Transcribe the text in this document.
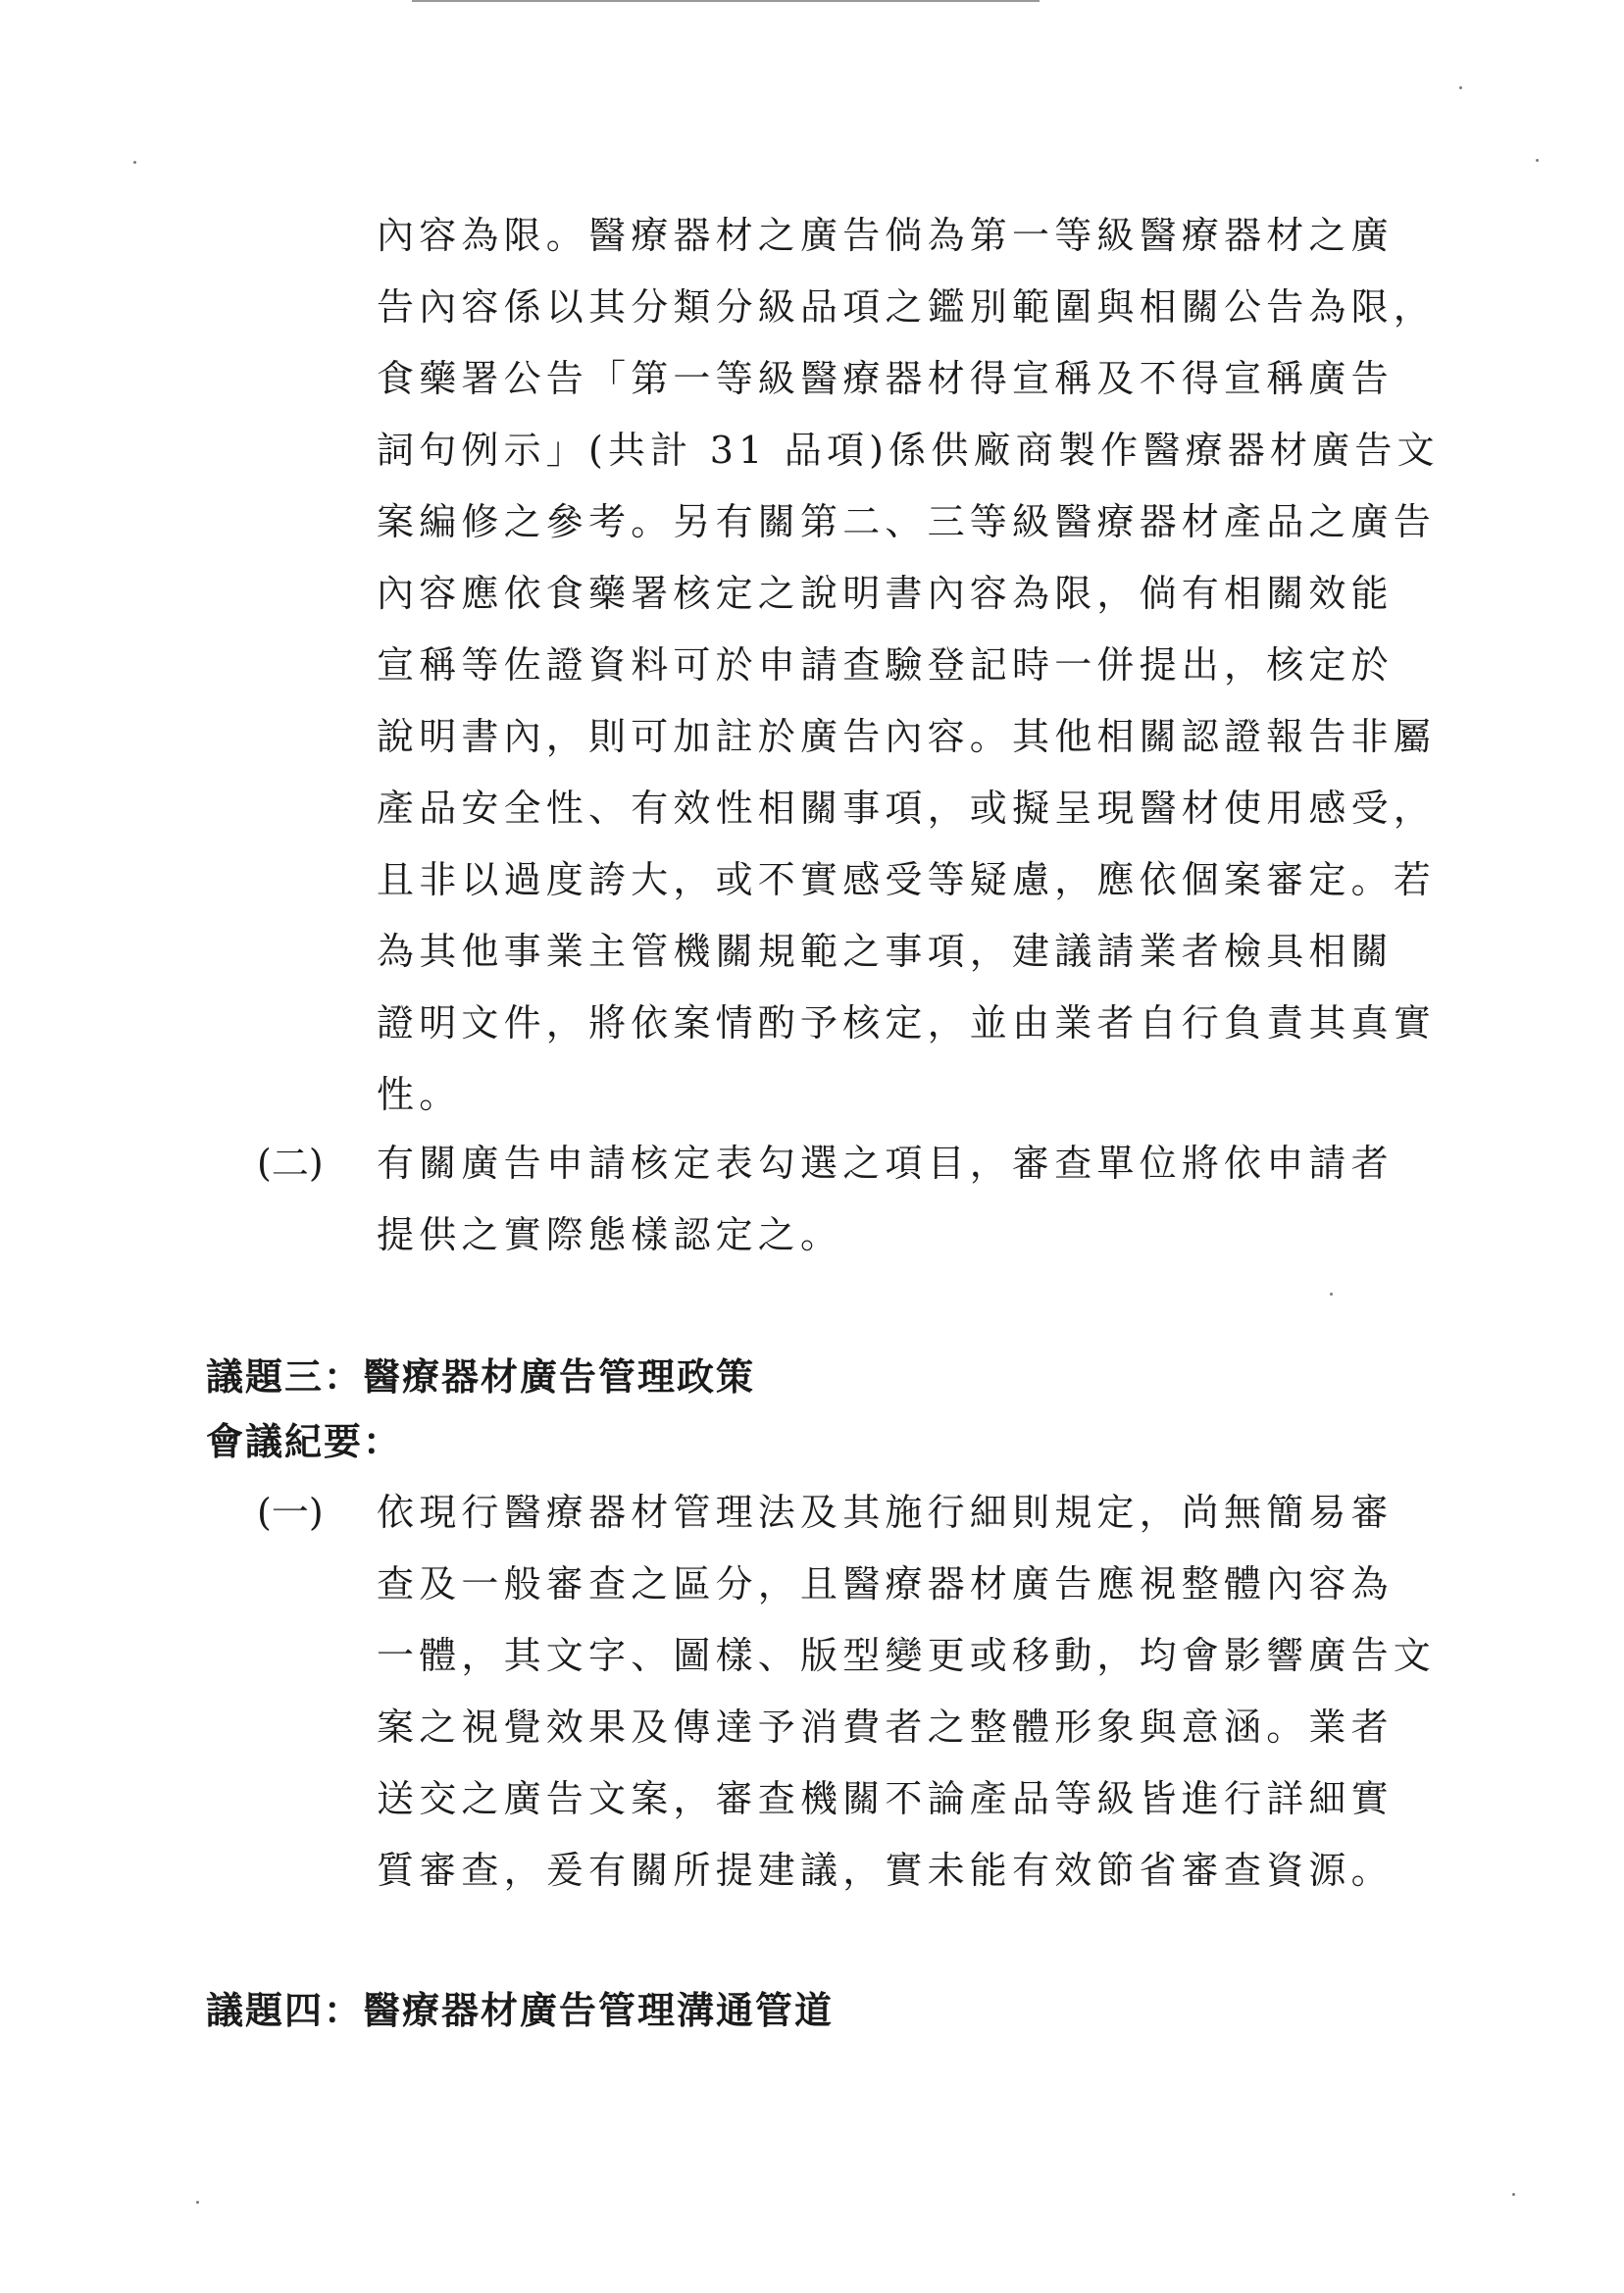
內容為限。醫療器材之廣告倘為第一等級醫療器材之廣
告內容係以其分類分級品項之鑑別範圍與相關公告為限，
食藥署公告「第一等級醫療器材得宣稱及不得宣稱廣告
詞句例示」(共計 31 品項)係供廠商製作醫療器材廣告文
案編修之參考。另有關第二、三等級醫療器材產品之廣告
內容應依食藥署核定之說明書內容為限，倘有相關效能
宣稱等佐證資料可於申請查驗登記時一併提出，核定於
說明書內，則可加註於廣告內容。其他相關認證報告非屬
產品安全性、有效性相關事項，或擬呈現醫材使用感受，
且非以過度誇大，或不實感受等疑慮，應依個案審定。若
為其他事業主管機關規範之事項，建議請業者檢具相關
證明文件，將依案情酌予核定，並由業者自行負責其真實
性。
(二) 有關廣告申請核定表勾選之項目，審查單位將依申請者
提供之實際態樣認定之。
議題三：醫療器材廣告管理政策
會議紀要：
(一) 依現行醫療器材管理法及其施行細則規定，尚無簡易審
查及一般審查之區分，且醫療器材廣告應視整體內容為
一體，其文字、圖樣、版型變更或移動，均會影響廣告文
案之視覺效果及傳達予消費者之整體形象與意涵。業者
送交之廣告文案，審查機關不論產品等級皆進行詳細實
質審查，爰有關所提建議，實未能有效節省審查資源。
議題四：醫療器材廣告管理溝通管道
